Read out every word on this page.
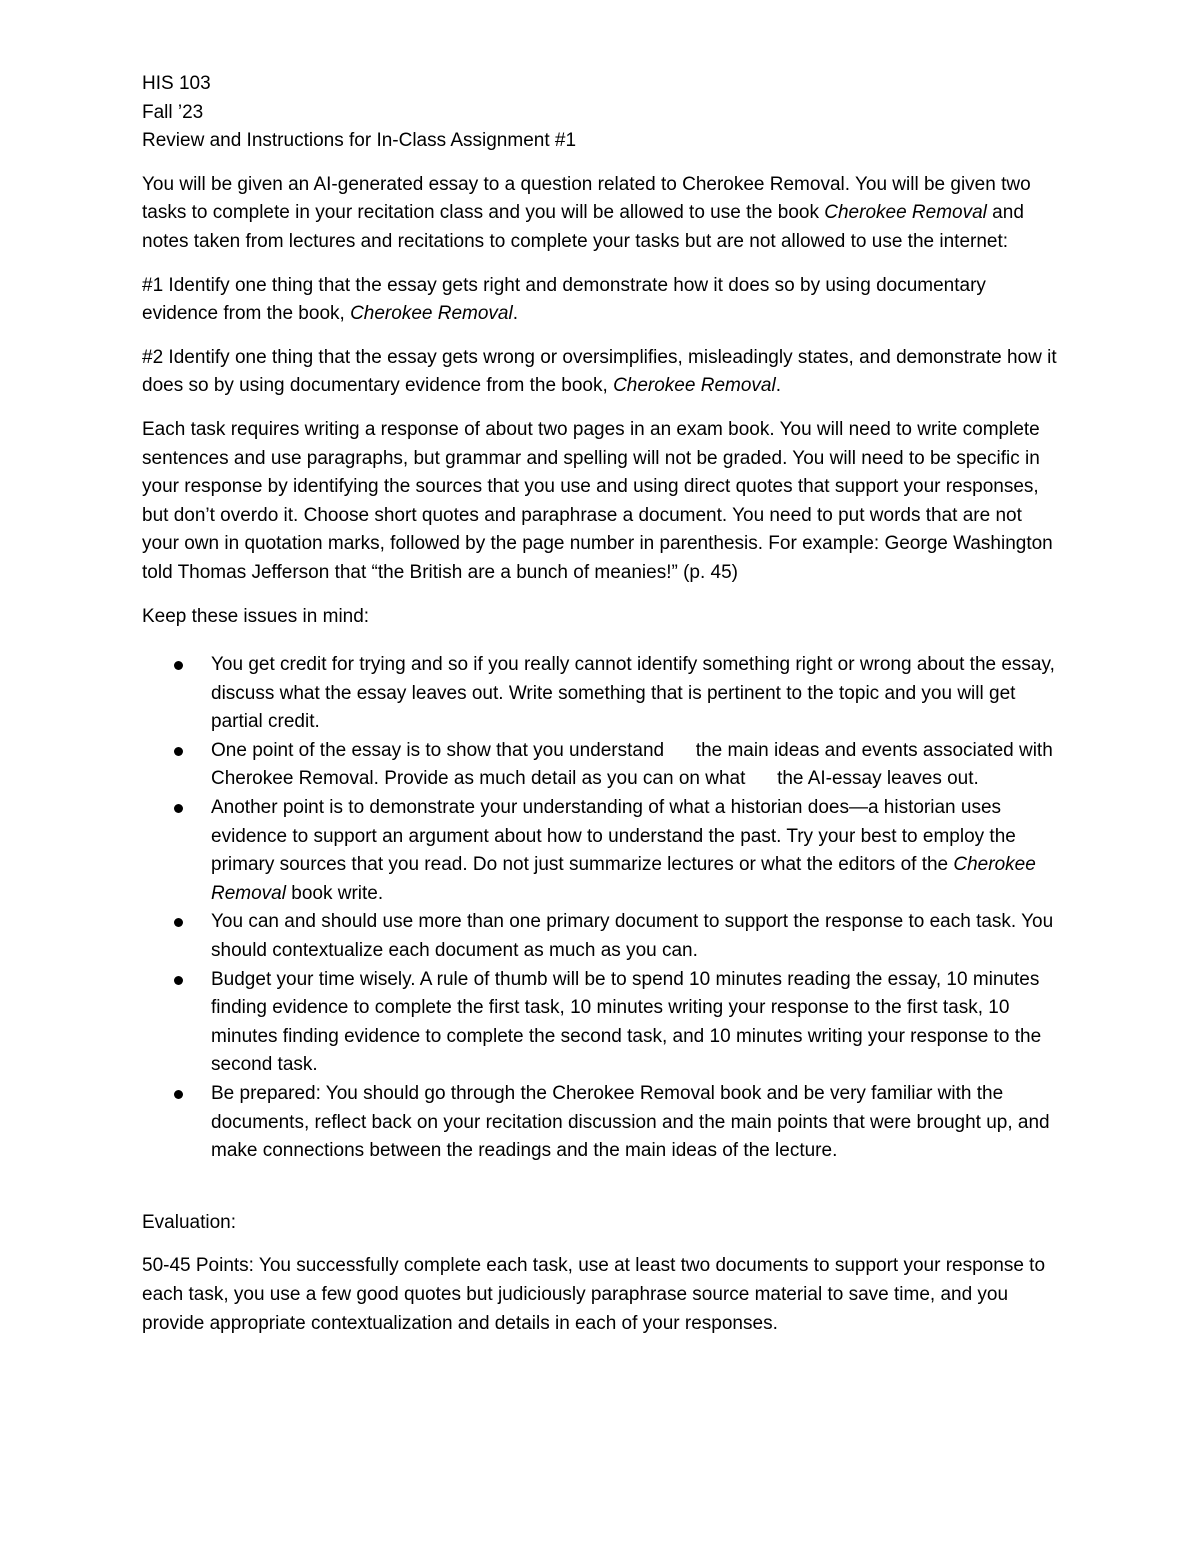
HIS 103

Fall ’23

Review and Instructions for In-Class Assignment #1

You will be given an AI-generated essay to a question related to Cherokee Removal. You will be given two tasks to complete in your recitation class and you will be allowed to use the book Cherokee Removal and notes taken from lectures and recitations to complete your tasks but are not allowed to use the internet:

#1 Identify one thing that the essay gets right and demonstrate how it does so by using documentary evidence from the book, Cherokee Removal.

#2 Identify one thing that the essay gets wrong or oversimplifies, misleadingly states, and demonstrate how it does so by using documentary evidence from the book, Cherokee Removal.

Each task requires writing a response of about two pages in an exam book. You will need to write complete sentences and use paragraphs, but grammar and spelling will not be graded. You will need to be specific in your response by identifying the sources that you use and using direct quotes that support your responses, but don’t overdo it. Choose short quotes and paraphrase a document. You need to put words that are not your own in quotation marks, followed by the page number in parenthesis. For example: George Washington told Thomas Jefferson that “the British are a bunch of meanies!” (p. 45)

Keep these issues in mind:

You get credit for trying and so if you really cannot identify something right or wrong about the essay, discuss what the essay leaves out. Write something that is pertinent to the topic and you will get partial credit.
One point of the essay is to show that you understand      the main ideas and events associated with Cherokee Removal. Provide as much detail as you can on what      the AI-essay leaves out.
Another point is to demonstrate your understanding of what a historian does—a historian uses evidence to support an argument about how to understand the past. Try your best to employ the primary sources that you read. Do not just summarize lectures or what the editors of the Cherokee Removal book write.
You can and should use more than one primary document to support the response to each task. You should contextualize each document as much as you can.
Budget your time wisely. A rule of thumb will be to spend 10 minutes reading the essay, 10 minutes finding evidence to complete the first task, 10 minutes writing your response to the first task, 10 minutes finding evidence to complete the second task, and 10 minutes writing your response to the second task.
Be prepared: You should go through the Cherokee Removal book and be very familiar with the documents, reflect back on your recitation discussion and the main points that were brought up, and make connections between the readings and the main ideas of the lecture.

Evaluation:

50-45 Points: You successfully complete each task, use at least two documents to support your response to each task, you use a few good quotes but judiciously paraphrase source material to save time, and you provide appropriate contextualization and details in each of your responses.
